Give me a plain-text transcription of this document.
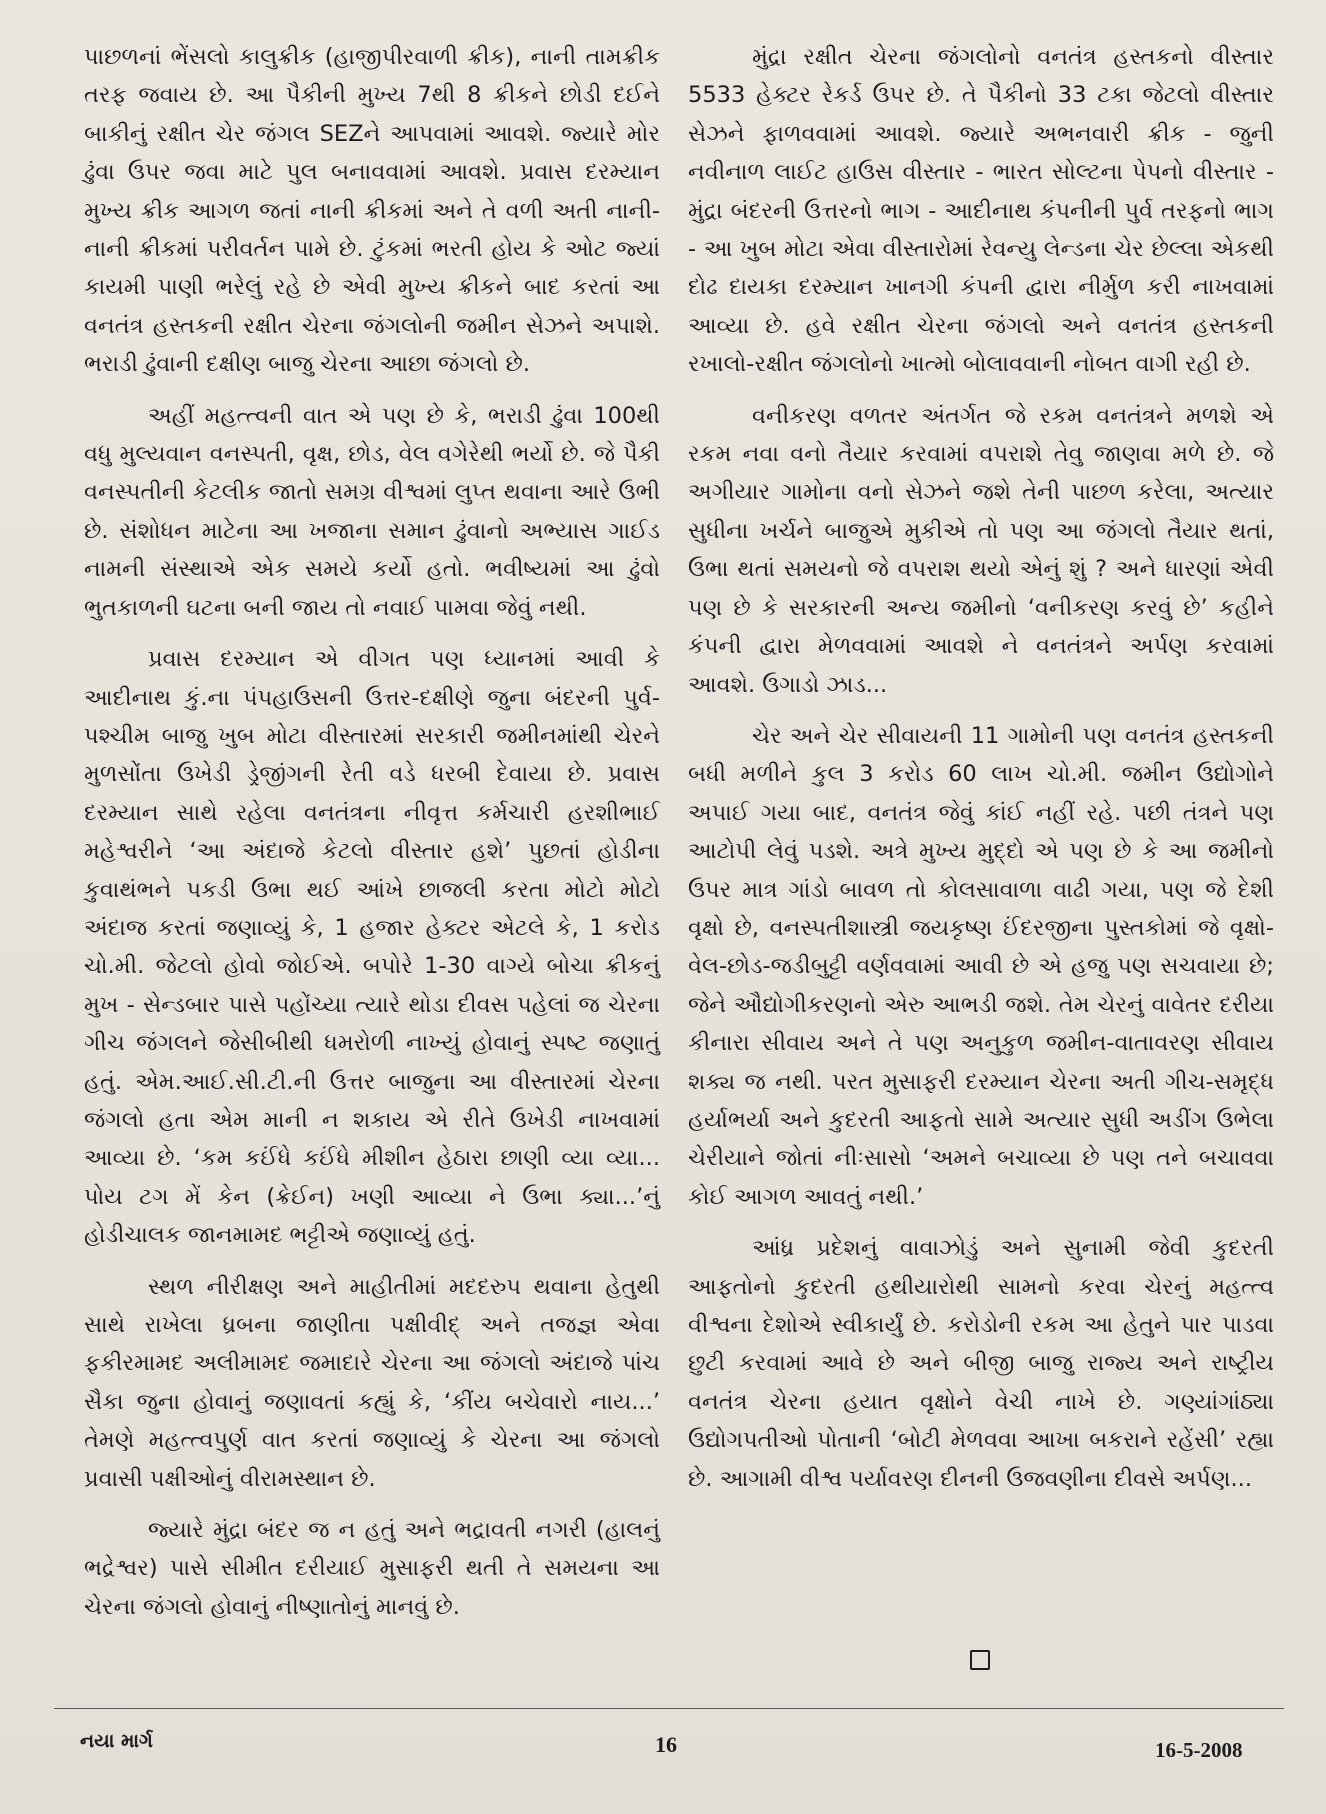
પાછળનાં ભેંસલો કાલુક્રીક (હાજીપીરવાળી ક્રીક), નાની તામક્રીક તરફ જવાય છે. આ પૈકીની મુખ્ય 7થી 8 ક્રીકને છોડી દઈને બાકીનું રક્ષીત ચેર જંગલ SEZને આપવામાં આવશે. જ્યારે મોર ઢુંવા ઉપર જવા માટે પુલ બનાવવામાં આવશે. પ્રવાસ દરમ્યાન મુખ્ય ક્રીક આગળ જતાં નાની ક્રીકમાં અને તે વળી અતી નાની-નાની ક્રીકમાં પરીવર્તન પામે છે. ટુંકમાં ભરતી હોય કે ઓટ જ્યાં કાયમી પાણી ભરેલું રહે છે એવી મુખ્ય ક્રીકને બાદ કરતાં આ વનતંત્ર હસ્તકની રક્ષીત ચેરના જંગલોની જમીન સેઝને અપાશે. ભરાડી ઢુંવાની દક્ષીણ બાજુ ચેરના આછા જંગલો છે.

અહીં મહત્ત્વની વાત એ પણ છે કે, ભરાડી ઢુંવા 100થી વધુ મુલ્યવાન વનસ્પતી, વૃક્ષ, છોડ, વેલ વગેરેથી ભર્યો છે. જે પૈકી વનસ્પતીની કેટલીક જાતો સમગ્ર વીશ્વમાં લુપ્ત થવાના આરે ઉભી છે. સંશોધન માટેના આ ખજાના સમાન ઢુંવાનો અભ્યાસ ગાઈડ નામની સંસ્થાએ એક સમયે કર્યો હતો. ભવીષ્યમાં આ ઢુંવો ભુતકાળની ઘટના બની જાય તો નવાઈ પામવા જેવું નથી.

પ્રવાસ દરમ્યાન એ વીગત પણ ધ્યાનમાં આવી કે આદીનાથ કું.ના પંપહાઉસની ઉત્તર-દક્ષીણે જુના બંદરની પુર્વ-પશ્ચીમ બાજુ ખુબ મોટા વીસ્તારમાં સરકારી જમીનમાંથી ચેરને મુળસોંતા ઉખેડી ડ્રેજીંગની રેતી વડે ધરબી દેવાયા છે. પ્રવાસ દરમ્યાન સાથે રહેલા વનતંત્રના નીવૃત્ત કર્મચારી હરશીભાઈ મહેશ્વરીને ‘આ અંદાજે કેટલો વીસ્તાર હશે’ પુછતાં હોડીના કુવાથંભને પકડી ઉભા થઈ આંખે છાજલી કરતા મોટો મોટો અંદાજ કરતાં જણાવ્યું કે, 1 હજાર હેક્ટર એટલે કે, 1 કરોડ ચો.મી. જેટલો હોવો જોઈએ. બપોરે 1-30 વાગ્યે બોચા ક્રીકનું મુખ - સેન્ડબાર પાસે પહોંચ્યા ત્યારે થોડા દીવસ પહેલાં જ ચેરના ગીચ જંગલને જેસીબીથી ધમરોળી નાખ્યું હોવાનું સ્પષ્ટ જણાતું હતું. એમ.આઈ.સી.ટી.ની ઉત્તર બાજુના આ વીસ્તારમાં ચેરના જંગલો હતા એમ માની ન શકાય એ રીતે ઉખેડી નાખવામાં આવ્યા છે. ‘કમ કઈંધે કઈંધે મીશીન હેઠારા છાણી વ્યા વ્યા... પોય ટગ મેં કેન (ક્રેઈન) ખણી આવ્યા ને ઉભા ક્યા...’નું હોડીચાલક જાનમામદ ભટ્ટીએ જણાવ્યું હતું.

સ્થળ નીરીક્ષણ અને માહીતીમાં મદદરુપ થવાના હેતુથી સાથે રાખેલા ધ્રબના જાણીતા પક્ષીવીદ્ અને તજજ્ઞ એવા ફકીરમામદ અલીમામદ જમાદારે ચેરના આ જંગલો અંદાજે પાંચ સૈકા જુના હોવાનું જણાવતાં કહ્યું કે, ‘કીંય બચેવારો નાય...’ તેમણે મહત્ત્વપુર્ણ વાત કરતાં જણાવ્યું કે ચેરના આ જંગલો પ્રવાસી પક્ષીઓનું વીરામસ્થાન છે.

જ્યારે મુંદ્રા બંદર જ ન હતું અને ભદ્રાવતી નગરી (હાલનું ભદ્રેશ્વર) પાસે સીમીત દરીયાઈ મુસાફરી થતી તે સમયના આ ચેરના જંગલો હોવાનું નીષ્ણાતોનું માનવું છે.

મુંદ્રા રક્ષીત ચેરના જંગલોનો વનતંત્ર હસ્તકનો વીસ્તાર 5533 હેક્ટર રેકર્ડ ઉપર છે. તે પૈકીનો 33 ટકા જેટલો વીસ્તાર સેઝને ફાળવવામાં આવશે. જ્યારે અભનવારી ક્રીક - જુની નવીનાળ લાઈટ હાઉસ વીસ્તાર - ભારત સોલ્ટના પેપનો વીસ્તાર - મુંદ્રા બંદરની ઉત્તરનો ભાગ - આદીનાથ કંપનીની પુર્વ તરફનો ભાગ - આ ખુબ મોટા એવા વીસ્તારોમાં રેવન્યુ લેન્ડના ચેર છેલ્લા એકથી દોઢ દાયકા દરમ્યાન ખાનગી કંપની દ્વારા નીર્મુળ કરી નાખવામાં આવ્યા છે. હવે રક્ષીત ચેરના જંગલો અને વનતંત્ર હસ્તકની રખાલો-રક્ષીત જંગલોનો ખાત્મો બોલાવવાની નોબત વાગી રહી છે.

વનીકરણ વળતર અંતર્ગત જે રકમ વનતંત્રને મળશે એ રકમ નવા વનો તૈયાર કરવામાં વપરાશે તેવુ જાણવા મળે છે. જે અગીયાર ગામોના વનો સેઝને જશે તેની પાછળ કરેલા, અત્યાર સુધીના ખર્ચને બાજુએ મુકીએ તો પણ આ જંગલો તૈયાર થતાં, ઉભા થતાં સમયનો જે વપરાશ થયો એનું શું ? અને ધારણાં એવી પણ છે કે સરકારની અન્ય જમીનો ‘વનીકરણ કરવું છે’ કહીને કંપની દ્વારા મેળવવામાં આવશે ને વનતંત્રને અર્પણ કરવામાં આવશે. ઉગાડો ઝાડ...

ચેર અને ચેર સીવાયની 11 ગામોની પણ વનતંત્ર હસ્તકની બધી મળીને કુલ 3 કરોડ 60 લાખ ચો.મી. જમીન ઉદ્યોગોને અપાઈ ગયા બાદ, વનતંત્ર જેવું કાંઈ નહીં રહે. પછી તંત્રને પણ આટોપી લેવું પડશે. અત્રે મુખ્ય મુદ્દો એ પણ છે કે આ જમીનો ઉપર માત્ર ગાંડો બાવળ તો કોલસાવાળા વાઢી ગયા, પણ જે દેશી વૃક્ષો છે, વનસ્પતીશાસ્ત્રી જયકૃષ્ણ ઈંદરજીના પુસ્તકોમાં જે વૃક્ષો-વેલ-છોડ-જડીબુટ્ટી વર્ણવવામાં આવી છે એ હજુ પણ સચવાયા છે; જેને ઔદ્યોગીકરણનો એરુ આભડી જશે. તેમ ચેરનું વાવેતર દરીયા કીનારા સીવાય અને તે પણ અનુકુળ જમીન-વાતાવરણ સીવાય શક્ય જ નથી. પરત મુસાફરી દરમ્યાન ચેરના અતી ગીચ-સમૃદ્ધ હર્યાભર્યા અને કુદરતી આફતો સામે અત્યાર સુધી અડીંગ ઉભેલા ચેરીયાને જોતાં નીઃસાસો ‘અમને બચાવ્યા છે પણ તને બચાવવા કોઈ આગળ આવતું નથી.’

આંધ્ર પ્રદેશનું વાવાઝોડું અને સુનામી જેવી કુદરતી આફતોનો કુદરતી હથીયારોથી સામનો કરવા ચેરનું મહત્ત્વ વીશ્વના દેશોએ સ્વીકાર્યું છે. કરોડોની રકમ આ હેતુને પાર પાડવા છુટી કરવામાં આવે છે અને બીજી બાજુ રાજ્ય અને રાષ્ટ્રીય વનતંત્ર ચેરના હયાત વૃક્ષોને વેચી નાખે છે. ગણ્યાંગાંઠ્યા ઉદ્યોગપતીઓ પોતાની ‘બોટી મેળવવા આખા બકરાને રહેંસી’ રહ્યા છે. આગામી વીશ્વ પર્યાવરણ દીનની ઉજવણીના દીવસે અર્પણ...

નયા માર્ગ	16	16-5-2008
